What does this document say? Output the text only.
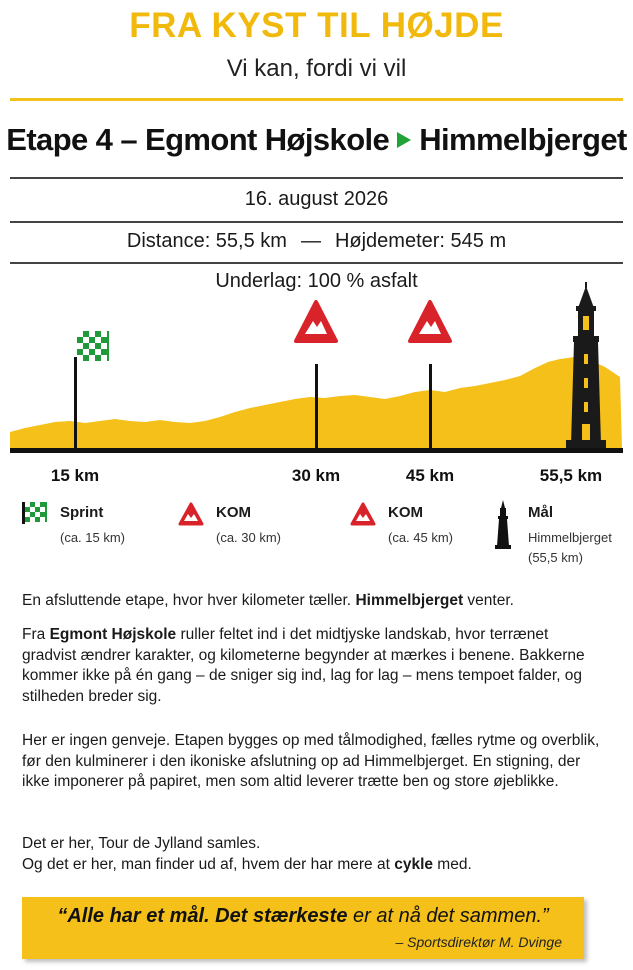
FRA KYST TIL HØJDE
Vi kan, fordi vi vil
Etape 4 – Egmont Højskole Himmelbjerget
16. august 2026
Distance: 55,5 km — Højdemeter: 545 m
Underlag: 100 % asfalt
15 km	30 km	45 km	55,5 km
Sprint
(ca. 15 km)
KOM
(ca. 30 km)
KOM
(ca. 45 km)
Mål
Himmelbjerget
(55,5 km)

En afsluttende etape, hvor hver kilometer tæller. Himmelbjerget venter.

Fra Egmont Højskole ruller feltet ind i det midtjyske landskab, hvor terrænet gradvist ændrer karakter, og kilometerne begynder at mærkes i benene. Bakkerne kommer ikke på én gang – de sniger sig ind, lag for lag – mens tempoet falder, og stilheden breder sig.

Her er ingen genveje. Etapen bygges op med tålmodighed, fælles rytme og overblik, før den kulminerer i den ikoniske afslutning op ad Himmelbjerget. En stigning, der ikke imponerer på papiret, men som altid leverer trætte ben og store øjeblikke.

Det er her, Tour de Jylland samles.

Og det er her, man finder ud af, hvem der har mere at cykle med.

“Alle har et mål. Det stærkeste er at nå det sammen.”
– Sportsdirektør M. Dvinge
